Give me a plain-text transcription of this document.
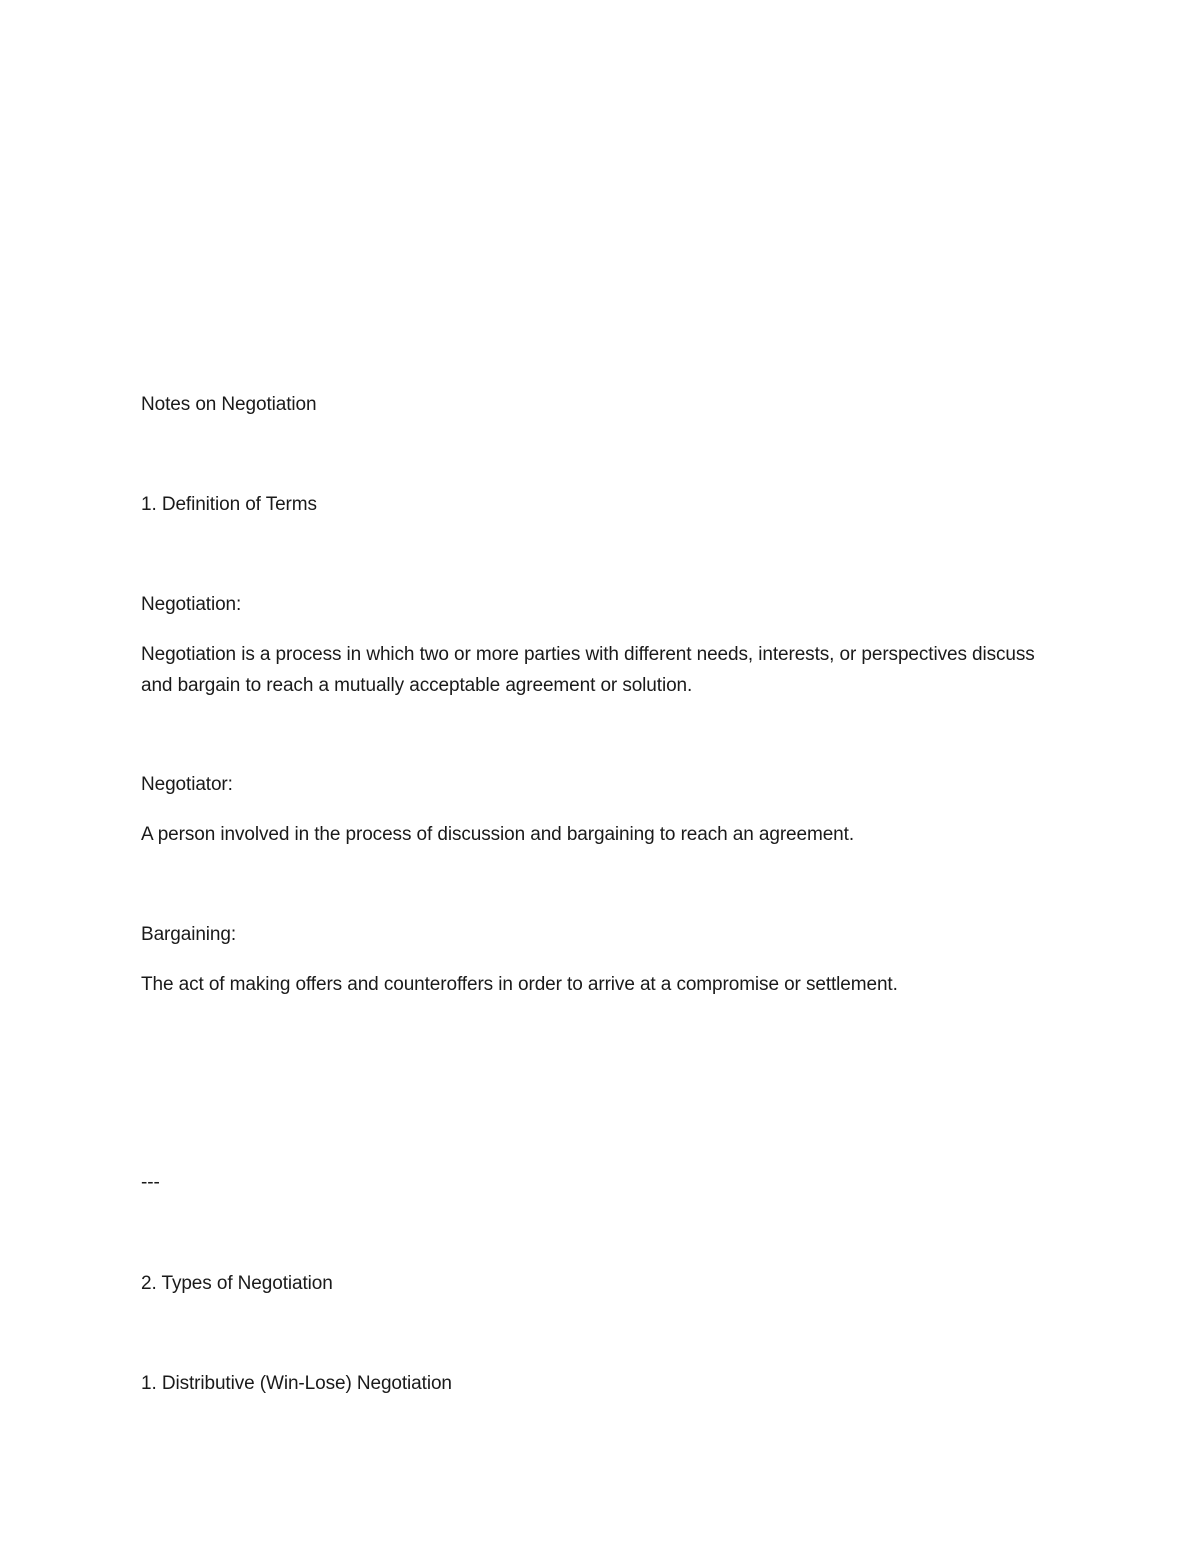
Notes on Negotiation
1. Definition of Terms
Negotiation:
Negotiation is a process in which two or more parties with different needs, interests, or perspectives discuss and bargain to reach a mutually acceptable agreement or solution.
Negotiator:
A person involved in the process of discussion and bargaining to reach an agreement.
Bargaining:
The act of making offers and counteroffers in order to arrive at a compromise or settlement.
---
2. Types of Negotiation
1. Distributive (Win-Lose) Negotiation
